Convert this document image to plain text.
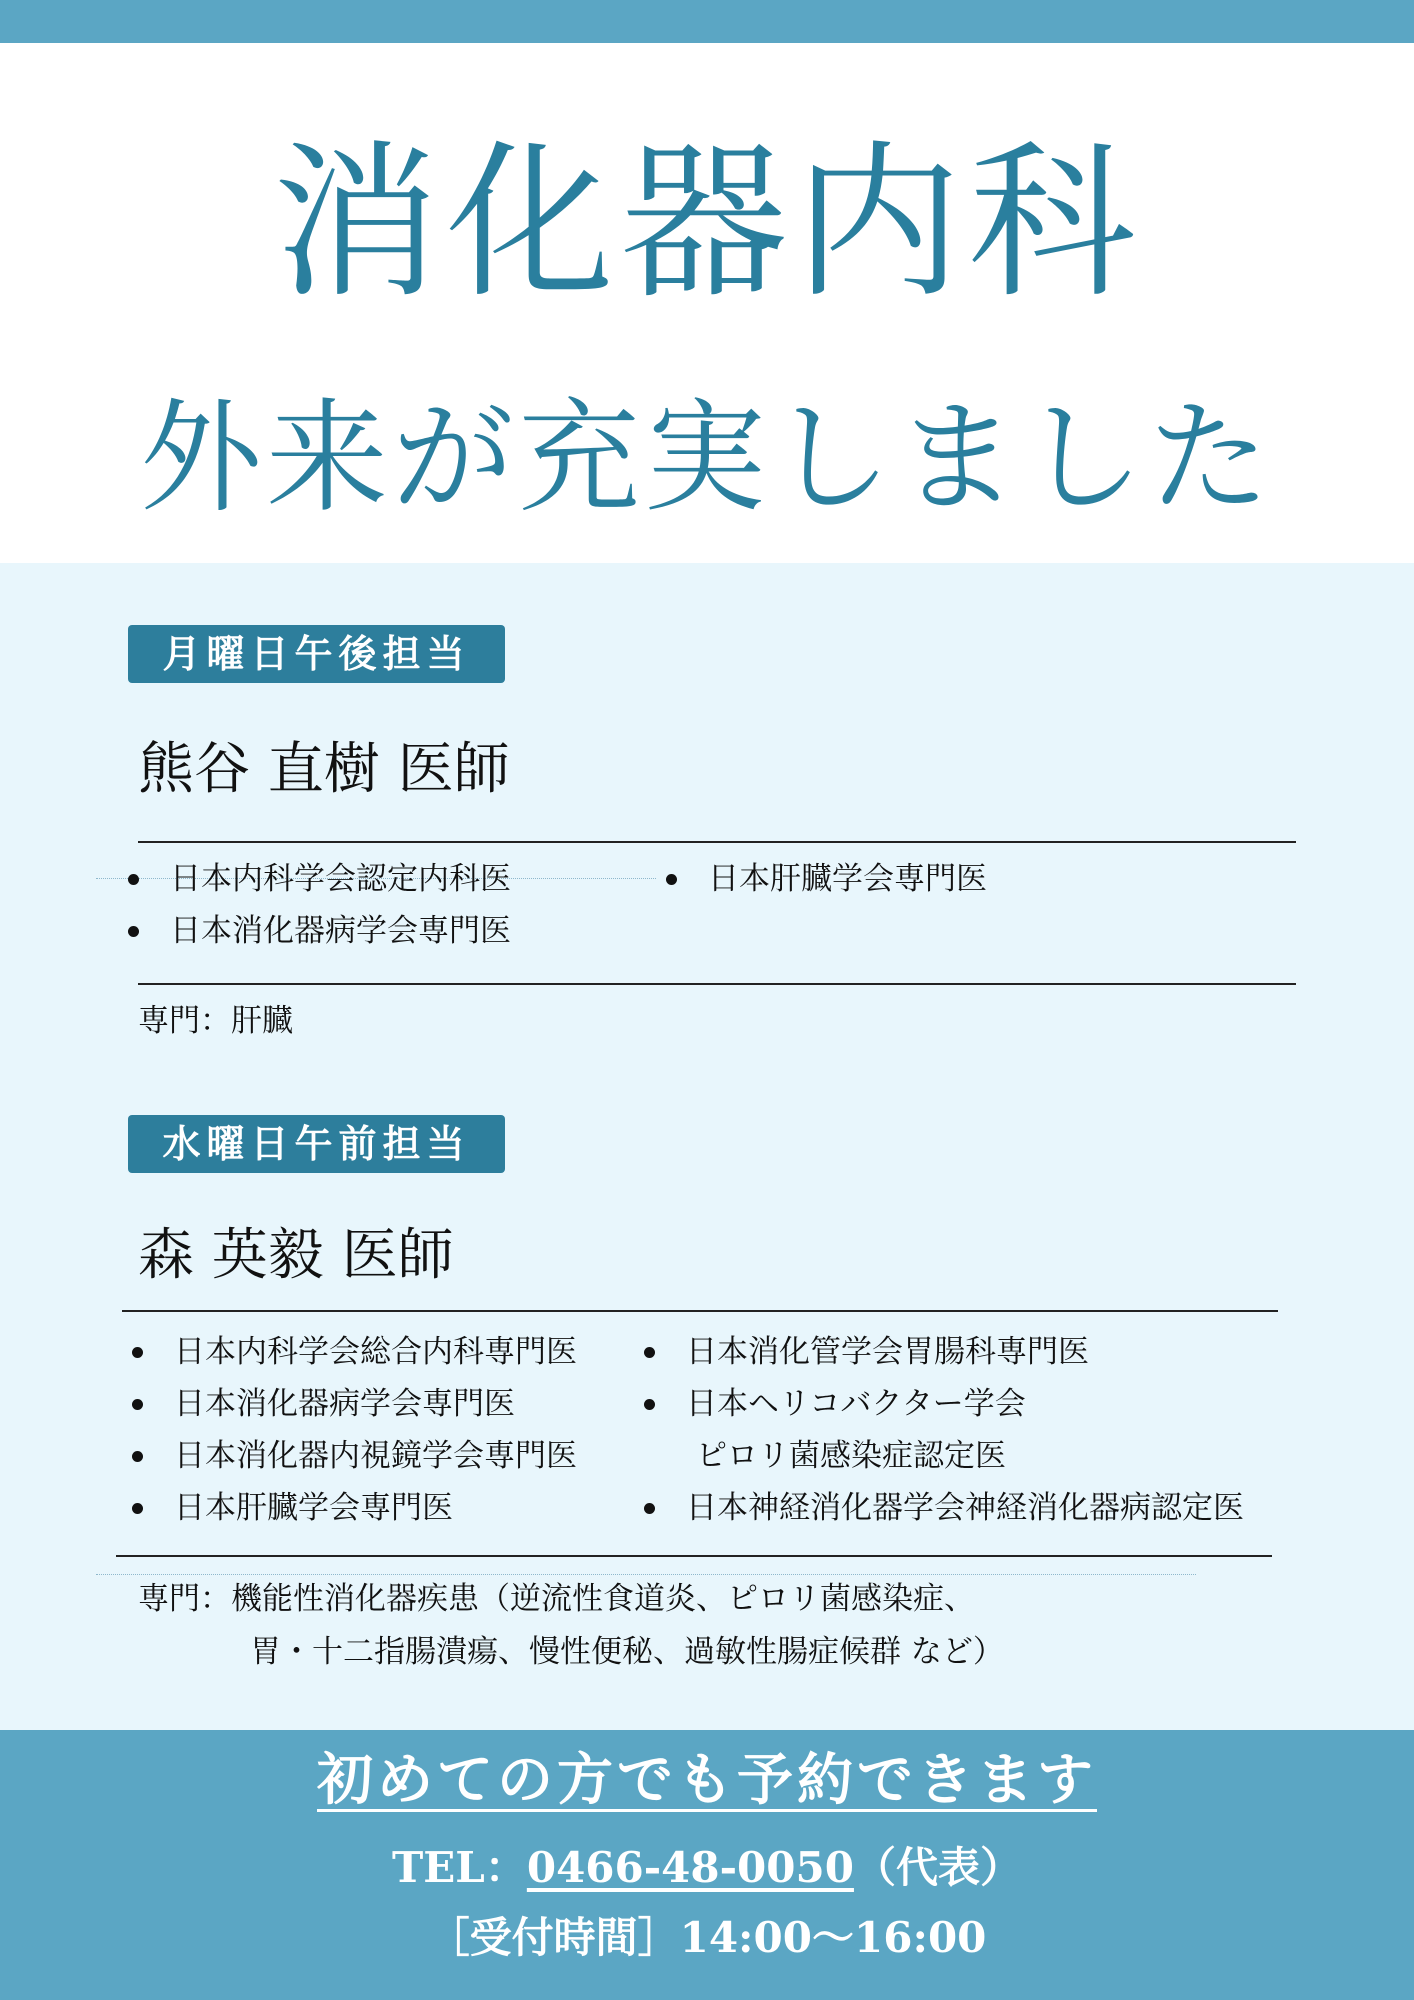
消化器内科
外来が充実しました
月曜日午後担当
熊谷 直樹 医師
日本内科学会認定内科医
日本消化器病学会専門医
日本肝臓学会専門医
専門：肝臓
水曜日午前担当
森 英毅 医師
日本内科学会総合内科専門医
日本消化器病学会専門医
日本消化器内視鏡学会専門医
日本肝臓学会専門医
日本消化管学会胃腸科専門医
日本ヘリコバクター学会
ピロリ菌感染症認定医
日本神経消化器学会神経消化器病認定医
専門：機能性消化器疾患（逆流性食道炎、ピロリ菌感染症、
胃・十二指腸潰瘍、慢性便秘、過敏性腸症候群 など）
初めての方でも予約できます
TEL：0466-48-0050（代表）
［受付時間］14:00〜16:00
